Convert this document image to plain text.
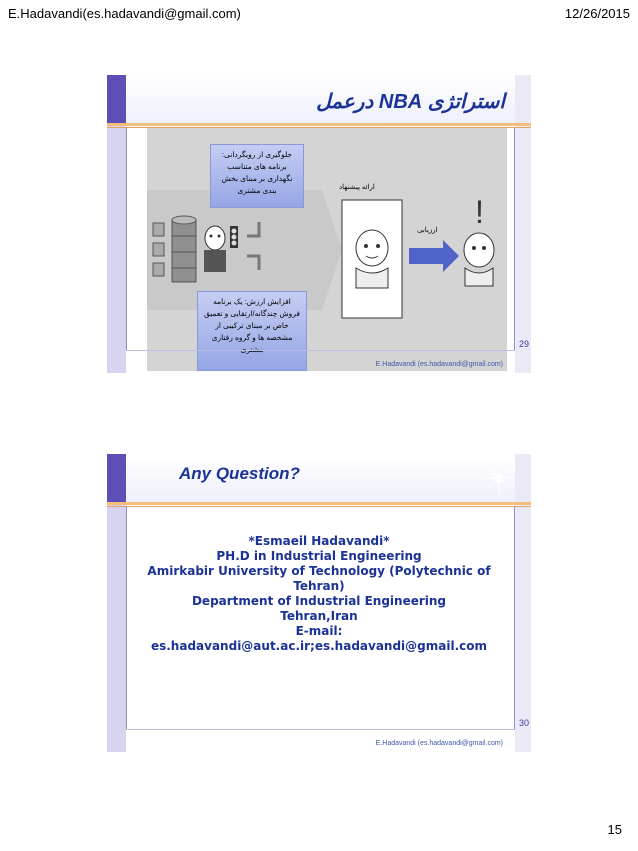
E.Hadavandi(es.hadavandi@gmail.com)	12/26/2015
استراتژی NBA درعمل
!
جلوگیری از رویگردانی: برنامه های متناسب نگهداری بر مبنای بخش بندی مشتری
افزایش ارزش: یک برنامه فروش چندگانه/ارتقایی و تعمیق خاص بر مبنای ترکیبی از مشخصه ها و گروه رفتاری
ارائه پیشنهاد
ارزیابی
29
E.Hadavandi (es.hadavandi@gmail.com)
Any Question?
*Esmaeil Hadavandi*
PH.D in Industrial Engineering
Amirkabir University of Technology (Polytechnic of
Tehran)
Department of Industrial Engineering
Tehran,Iran
E-mail:
es.hadavandi@aut.ac.ir;es.hadavandi@gmail.com
30
E.Hadavandi (es.hadavandi@gmail.com)
15
